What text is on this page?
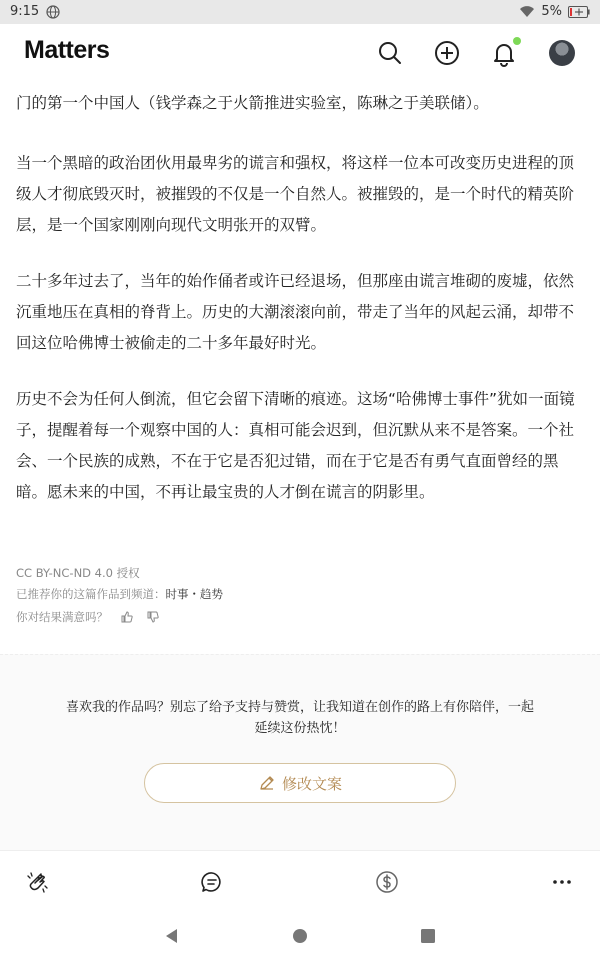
9:15	5%
Matters

门的第一个中国人（钱学森之于火箭推进实验室，陈琳之于美联储）。

当一个黑暗的政治团伙用最卑劣的谎言和强权，将这样一位本可改变历史进程的顶级人才彻底毁灭时，被摧毁的不仅是一个自然人。被摧毁的，是一个时代的精英阶层，是一个国家刚刚向现代文明张开的双臂。

二十多年过去了，当年的始作俑者或许已经退场，但那座由谎言堆砌的废墟，依然沉重地压在真相的脊背上。历史的大潮滚滚向前，带走了当年的风起云涌，却带不回这位哈佛博士被偷走的二十多年最好时光。

历史不会为任何人倒流，但它会留下清晰的痕迹。这场“哈佛博士事件”犹如一面镜子，提醒着每一个观察中国的人：真相可能会迟到，但沉默从来不是答案。一个社会、一个民族的成熟，不在于它是否犯过错，而在于它是否有勇气直面曾经的黑暗。愿未来的中国，不再让最宝贵的人才倒在谎言的阴影里。

CC BY-NC-ND 4.0 授权
已推荐你的这篇作品到频道：时事・趋势
你对结果满意吗？
喜欢我的作品吗？别忘了给予支持与赞赏，让我知道在创作的路上有你陪伴，一起延续这份热忱！
修改文案
